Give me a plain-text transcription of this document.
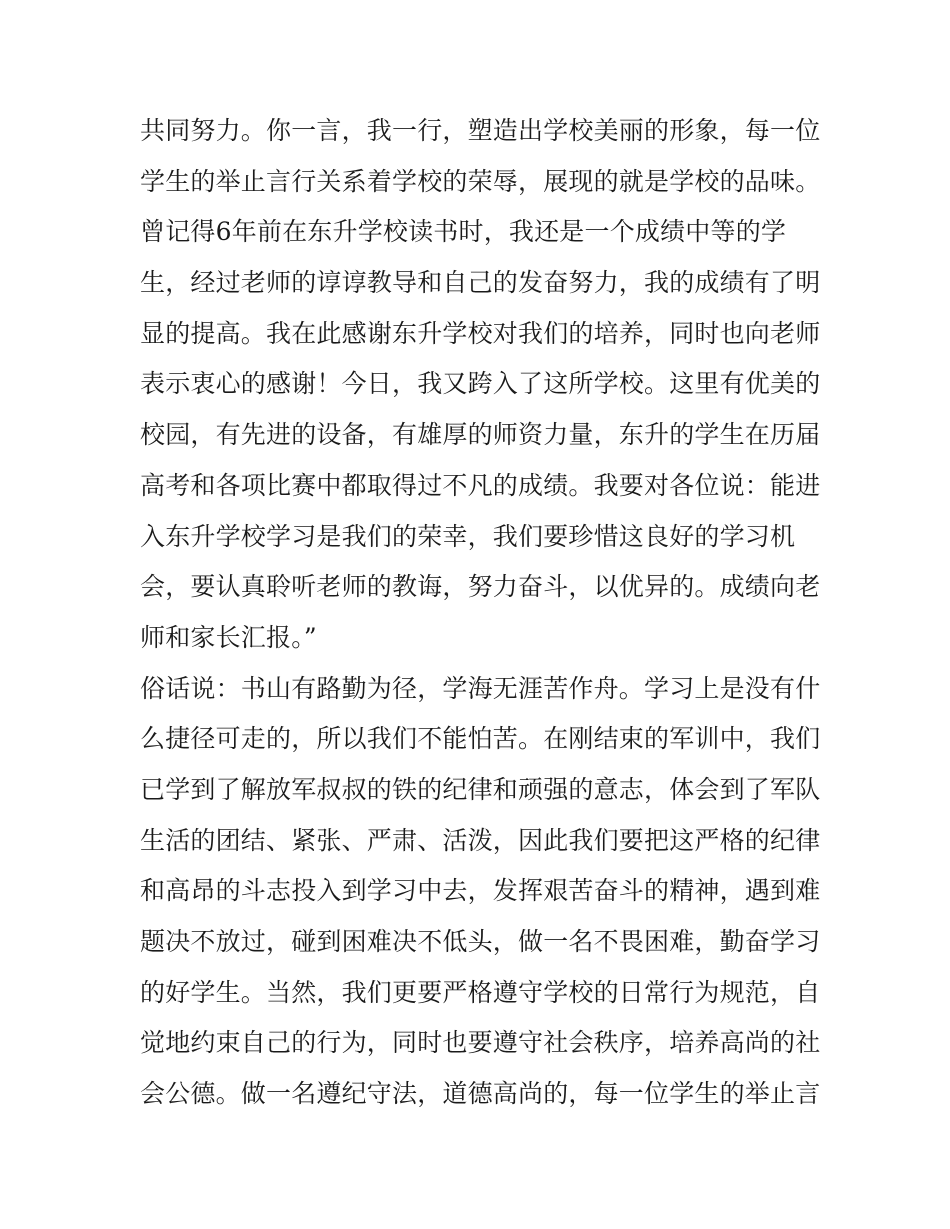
共同努力。你一言，我一行，塑造出学校美丽的形象，每一位
学生的举止言行关系着学校的荣辱，展现的就是学校的品味。
曾记得6年前在东升学校读书时，我还是一个成绩中等的学
生，经过老师的谆谆教导和自己的发奋努力，我的成绩有了明
显的提高。我在此感谢东升学校对我们的培养，同时也向老师
表示衷心的感谢！今日，我又跨入了这所学校。这里有优美的
校园，有先进的设备，有雄厚的师资力量，东升的学生在历届
高考和各项比赛中都取得过不凡的成绩。我要对各位说：能进
入东升学校学习是我们的荣幸，我们要珍惜这良好的学习机
会，要认真聆听老师的教诲，努力奋斗，以优异的。成绩向老
师和家长汇报。”
俗话说：书山有路勤为径，学海无涯苦作舟。学习上是没有什
么捷径可走的，所以我们不能怕苦。在刚结束的军训中，我们
已学到了解放军叔叔的铁的纪律和顽强的意志，体会到了军队
生活的团结、紧张、严肃、活泼，因此我们要把这严格的纪律
和高昂的斗志投入到学习中去，发挥艰苦奋斗的精神，遇到难
题决不放过，碰到困难决不低头，做一名不畏困难，勤奋学习
的好学生。当然，我们更要严格遵守学校的日常行为规范，自
觉地约束自己的行为，同时也要遵守社会秩序，培养高尚的社
会公德。做一名遵纪守法，道德高尚的，每一位学生的举止言
